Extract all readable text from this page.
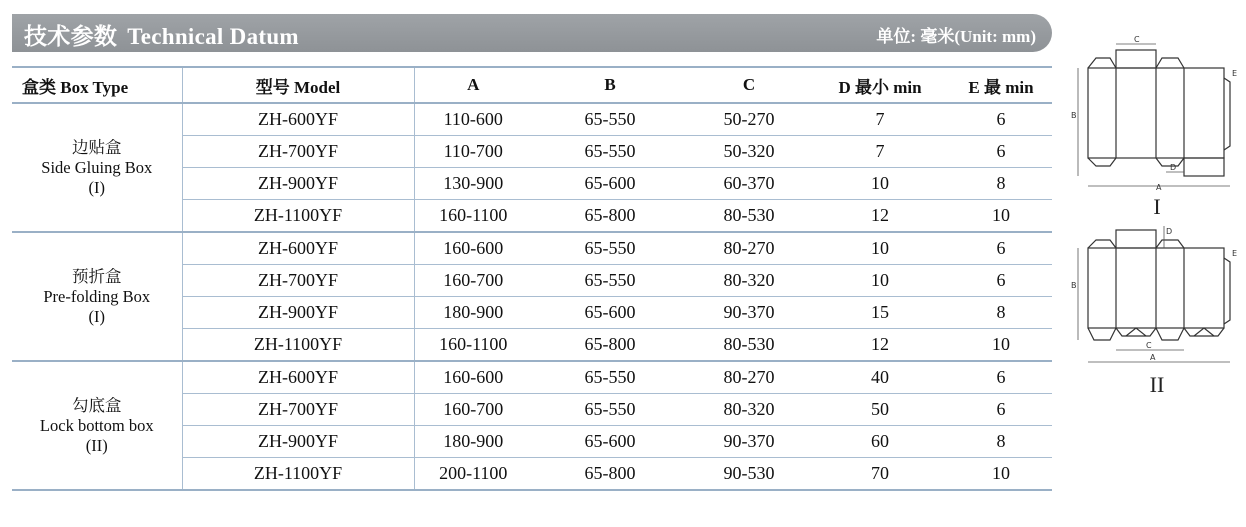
技术参数 Technical Datum	单位: 毫米(Unit: mm)
盒类 Box Type	型号 Model	A	B	C	D 最小 min	E 最 min

边贴盒
Side Gluing Box
(I)	ZH-600YF	110-600	65-550	50-270	7	6
	ZH-700YF	110-700	65-550	50-320	7	6
	ZH-900YF	130-900	65-600	60-370	10	8
	ZH-1100YF	160-1100	65-800	80-530	12	10

预折盒
Pre-folding Box
(I)	ZH-600YF	160-600	65-550	80-270	10	6
	ZH-700YF	160-700	65-550	80-320	10	6
	ZH-900YF	180-900	65-600	90-370	15	8
	ZH-1100YF	160-1100	65-800	80-530	12	10

勾底盒
Lock bottom box
(II)	ZH-600YF	160-600	65-550	80-270	40	6
	ZH-700YF	160-700	65-550	80-320	50	6
	ZH-900YF	180-900	65-600	90-370	60	8
	ZH-1100YF	200-1100	65-800	90-530	70	10
C
B
A
D
E
I
D
B
A
C
E
II
